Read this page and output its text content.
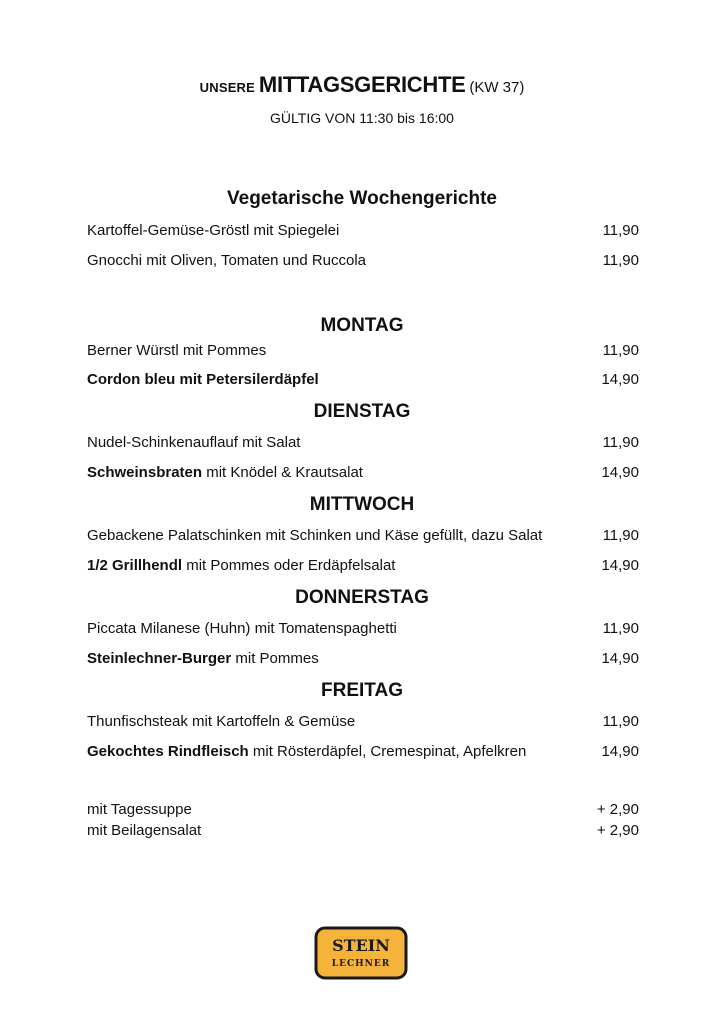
UNSERE MITTAGSGERICHTE (KW 37)
GÜLTIG VON 11:30 bis 16:00
Vegetarische Wochengerichte
Kartoffel-Gemüse-Gröstl mit Spiegelei	11,90
Gnocchi mit Oliven, Tomaten und Ruccola	11,90
MONTAG
Berner Würstl mit Pommes	11,90
Cordon bleu mit Petersilerdäpfel	14,90
DIENSTAG
Nudel-Schinkenauflauf mit Salat	11,90
Schweinsbraten mit Knödel & Krautsalat	14,90
MITTWOCH
Gebackene Palatschinken mit Schinken und Käse gefüllt, dazu Salat	11,90
1/2 Grillhendl mit Pommes oder Erdäpfelsalat	14,90
DONNERSTAG
Piccata Milanese (Huhn) mit Tomatenspaghetti	11,90
Steinlechner-Burger mit Pommes	14,90
FREITAG
Thunfischsteak mit Kartoffeln & Gemüse	11,90
Gekochtes Rindfleisch mit Rösterdäpfel, Cremespinat, Apfelkren	14,90
mit Tagessuppe	+ 2,90
mit Beilagensalat	+ 2,90
STEIN
LECHNER
